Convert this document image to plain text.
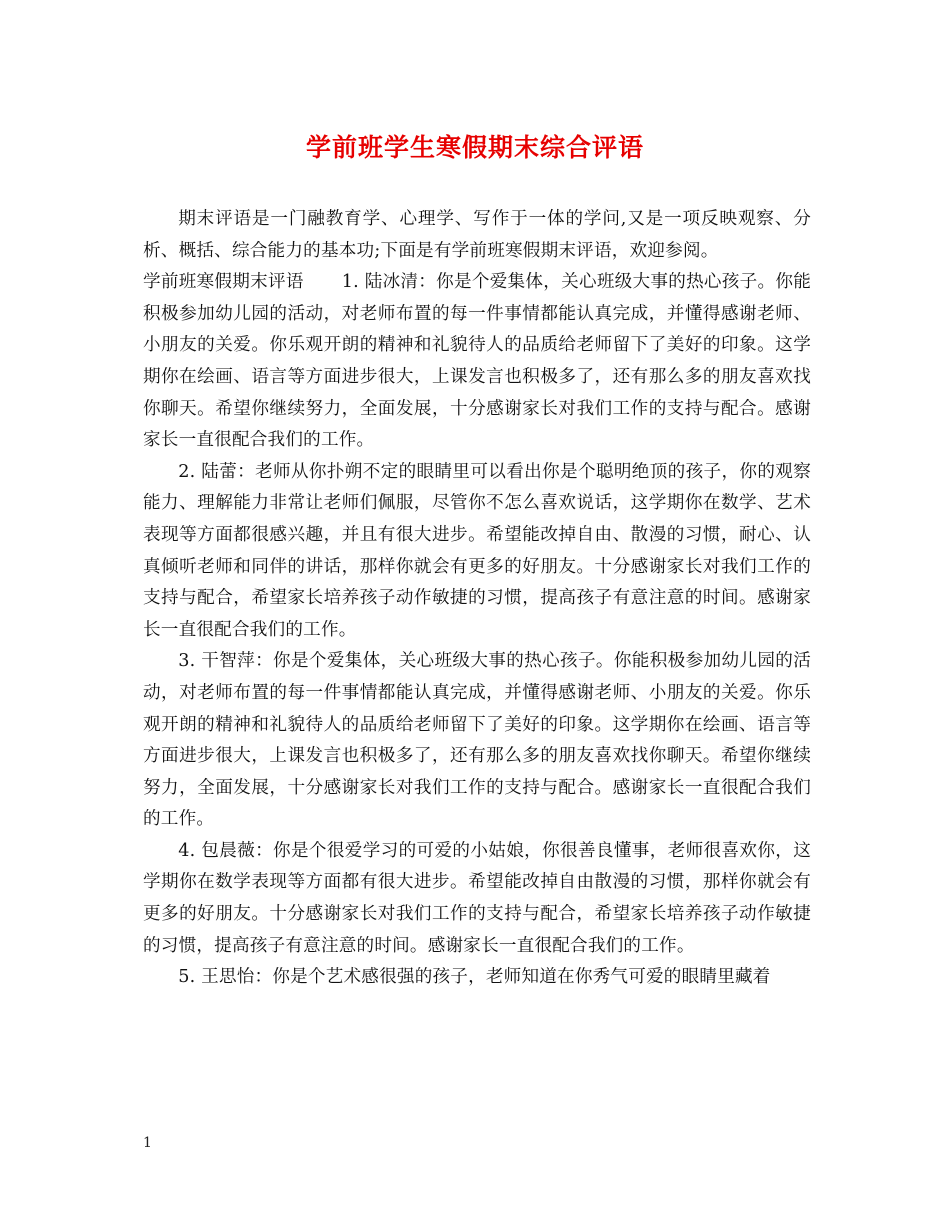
学前班学生寒假期末综合评语

期末评语是一门融教育学、心理学、写作于一体的学问,又是一项反映观察、分析、概括、综合能力的基本功;下面是有学前班寒假期末评语，欢迎参阅。

学前班寒假期末评语 1. 陆冰清：你是个爱集体，关心班级大事的热心孩子。你能积极参加幼儿园的活动，对老师布置的每一件事情都能认真完成，并懂得感谢老师、小朋友的关爱。你乐观开朗的精神和礼貌待人的品质给老师留下了美好的印象。这学期你在绘画、语言等方面进步很大，上课发言也积极多了，还有那么多的朋友喜欢找你聊天。希望你继续努力，全面发展，十分感谢家长对我们工作的支持与配合。感谢家长一直很配合我们的工作。

2. 陆蕾：老师从你扑朔不定的眼睛里可以看出你是个聪明绝顶的孩子，你的观察能力、理解能力非常让老师们佩服，尽管你不怎么喜欢说话，这学期你在数学、艺术表现等方面都很感兴趣，并且有很大进步。希望能改掉自由、散漫的习惯，耐心、认真倾听老师和同伴的讲话，那样你就会有更多的好朋友。十分感谢家长对我们工作的支持与配合，希望家长培养孩子动作敏捷的习惯，提高孩子有意注意的时间。感谢家长一直很配合我们的工作。

3. 干智萍：你是个爱集体，关心班级大事的热心孩子。你能积极参加幼儿园的活动，对老师布置的每一件事情都能认真完成，并懂得感谢老师、小朋友的关爱。你乐观开朗的精神和礼貌待人的品质给老师留下了美好的印象。这学期你在绘画、语言等方面进步很大，上课发言也积极多了，还有那么多的朋友喜欢找你聊天。希望你继续努力，全面发展，十分感谢家长对我们工作的支持与配合。感谢家长一直很配合我们的工作。

4. 包晨薇：你是个很爱学习的可爱的小姑娘，你很善良懂事，老师很喜欢你，这学期你在数学表现等方面都有很大进步。希望能改掉自由散漫的习惯，那样你就会有更多的好朋友。十分感谢家长对我们工作的支持与配合，希望家长培养孩子动作敏捷的习惯，提高孩子有意注意的时间。感谢家长一直很配合我们的工作。

5. 王思怡：你是个艺术感很强的孩子，老师知道在你秀气可爱的眼睛里藏着

1
